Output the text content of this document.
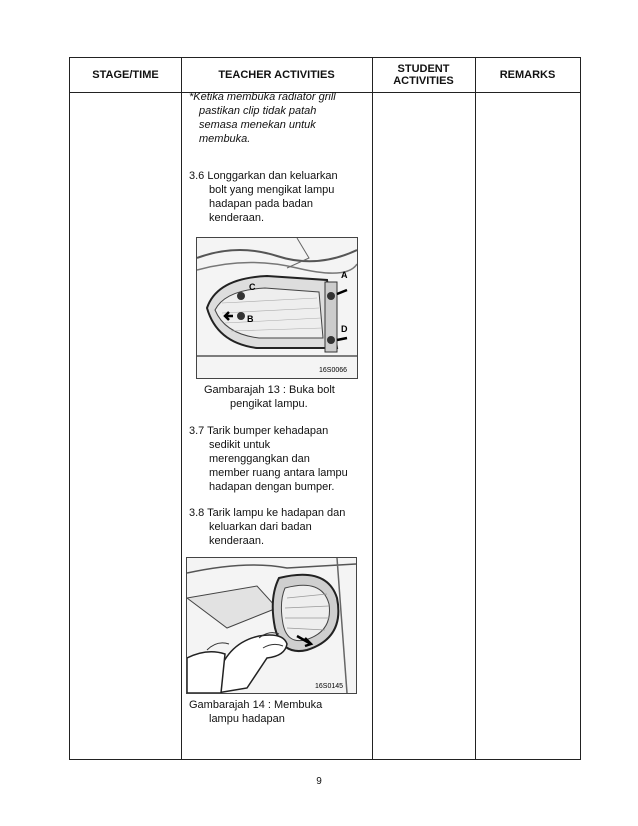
STAGE/TIME	TEACHER ACTIVITIES	STUDENT ACTIVITIES	REMARKS
*Ketika membuka radiator grill
pastikan clip tidak patah
semasa menekan untuk
membuka.
3.6 Longgarkan dan keluarkan
bolt yang mengikat lampu
hadapan pada badan
kenderaan.
C
B
A
D
16S0066
Gambarajah 13 : Buka bolt
pengikat lampu.
3.7 Tarik bumper kehadapan
sedikit untuk
merenggangkan dan
member ruang antara lampu
hadapan dengan bumper.
3.8 Tarik lampu ke hadapan dan
keluarkan dari badan
kenderaan.
16S0145
Gambarajah 14 : Membuka
lampu hadapan
9
